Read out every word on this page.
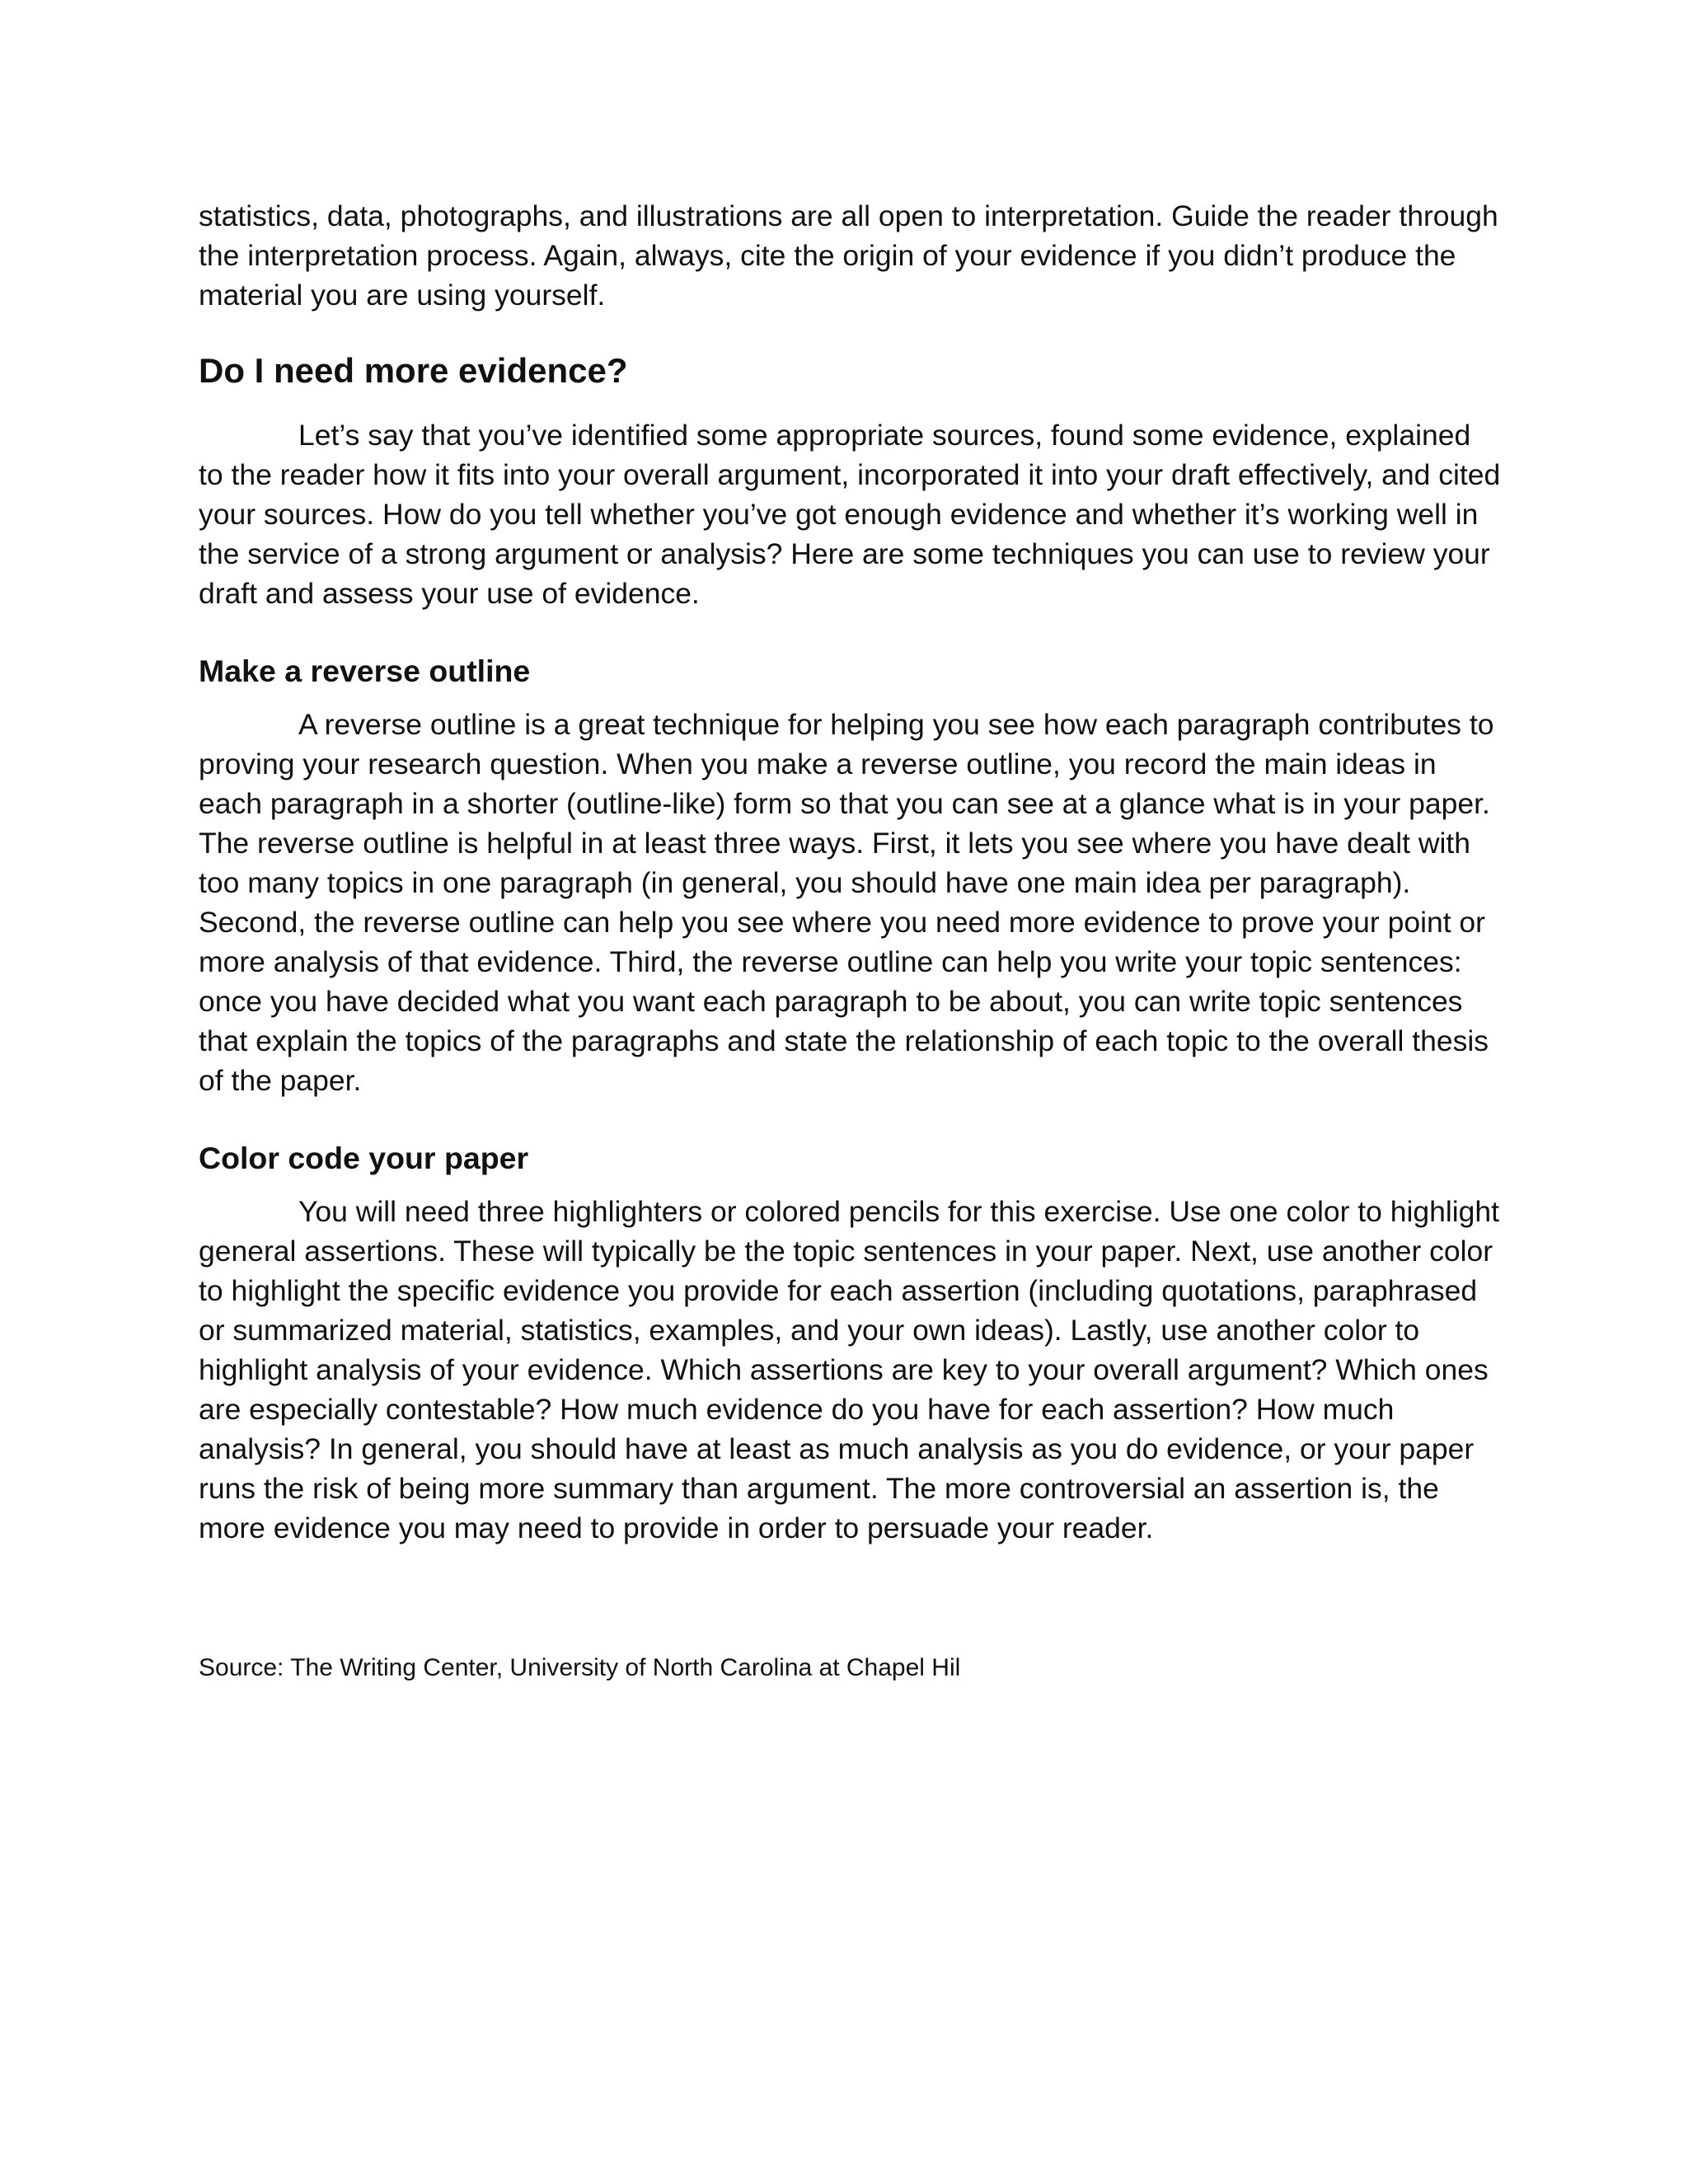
statistics, data, photographs, and illustrations are all open to interpretation. Guide the reader through the interpretation process. Again, always, cite the origin of your evidence if you didn’t produce the material you are using yourself.

Do I need more evidence?

Let’s say that you’ve identified some appropriate sources, found some evidence, explained to the reader how it fits into your overall argument, incorporated it into your draft effectively, and cited your sources. How do you tell whether you’ve got enough evidence and whether it’s working well in the service of a strong argument or analysis? Here are some techniques you can use to review your draft and assess your use of evidence.

Make a reverse outline

A reverse outline is a great technique for helping you see how each paragraph contributes to proving your research question. When you make a reverse outline, you record the main ideas in each paragraph in a shorter (outline-like) form so that you can see at a glance what is in your paper. The reverse outline is helpful in at least three ways. First, it lets you see where you have dealt with too many topics in one paragraph (in general, you should have one main idea per paragraph). Second, the reverse outline can help you see where you need more evidence to prove your point or more analysis of that evidence. Third, the reverse outline can help you write your topic sentences: once you have decided what you want each paragraph to be about, you can write topic sentences that explain the topics of the paragraphs and state the relationship of each topic to the overall thesis of the paper.

Color code your paper

You will need three highlighters or colored pencils for this exercise. Use one color to highlight general assertions. These will typically be the topic sentences in your paper. Next, use another color to highlight the specific evidence you provide for each assertion (including quotations, paraphrased or summarized material, statistics, examples, and your own ideas). Lastly, use another color to highlight analysis of your evidence. Which assertions are key to your overall argument? Which ones are especially contestable? How much evidence do you have for each assertion? How much analysis? In general, you should have at least as much analysis as you do evidence, or your paper runs the risk of being more summary than argument. The more controversial an assertion is, the more evidence you may need to provide in order to persuade your reader.

Source: The Writing Center, University of North Carolina at Chapel Hil
